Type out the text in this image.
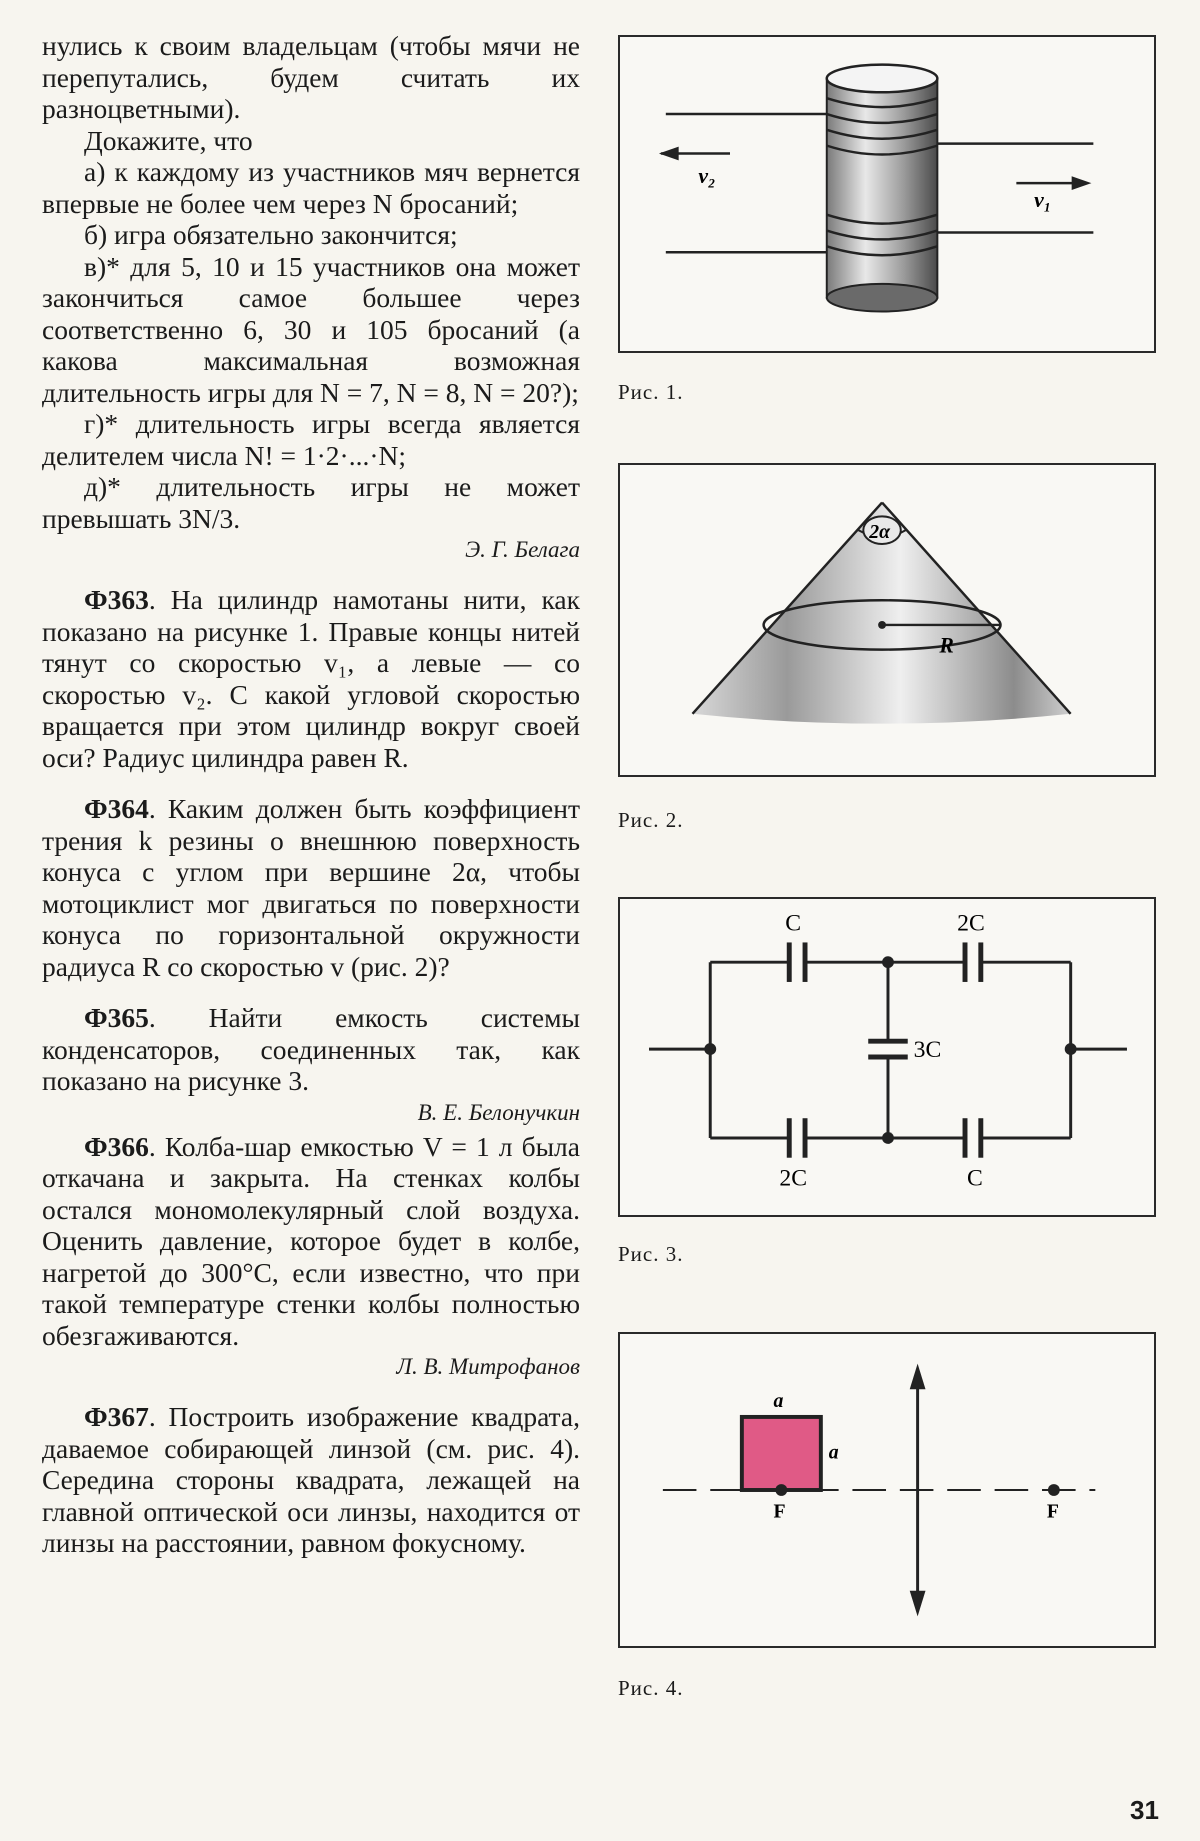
нулись к своим владельцам (чтобы мячи не перепутались, будем считать их разноцветными).

Докажите, что

а) к каждому из участников мяч вернется впервые не более чем через N бросаний;

б) игра обязательно закончится;

в)* для 5, 10 и 15 участников она может закончиться самое большее через соответственно 6, 30 и 105 бросаний (а какова максимальная возможная длительность игры для N = 7, N = 8, N = 20?);

г)* длительность игры всегда является делителем числа N! = 1·2·...·N;

д)* длительность игры не может превышать 3N/3.

Э. Г. Белага

Ф363. На цилиндр намотаны нити, как показано на рисунке 1. Правые концы нитей тянут со скоростью v₁, а левые — со скоростью v₂. С какой угловой скоростью вращается при этом цилиндр вокруг своей оси? Радиус цилиндра равен R.

Ф364. Каким должен быть коэффициент трения k резины о внешнюю поверхность конуса с углом при вершине 2α, чтобы мотоциклист мог двигаться по поверхности конуса по горизонтальной окружности радиуса R со скоростью v (рис. 2)?

Ф365. Найти емкость системы конденсаторов, соединенных так, как показано на рисунке 3.

В. Е. Белонучкин

Ф366. Колба-шар емкостью V = 1 л была откачана и закрыта. На стенках колбы остался мономолекулярный слой воздуха. Оценить давление, которое будет в колбе, нагретой до 300°С, если известно, что при такой температуре стенки колбы полностью обезгаживаются.

Л. В. Митрофанов

Ф367. Построить изображение квадрата, даваемое собирающей линзой (см. рис. 4). Середина стороны квадрата, лежащей на главной оптической оси линзы, находится от линзы на расстоянии, равном фокусному.

v₂
v₁
Рис. 1.
2α
R
Рис. 2.
C	2C
3C
2C	C
Рис. 3.
a
a
F	F
Рис. 4.
31
